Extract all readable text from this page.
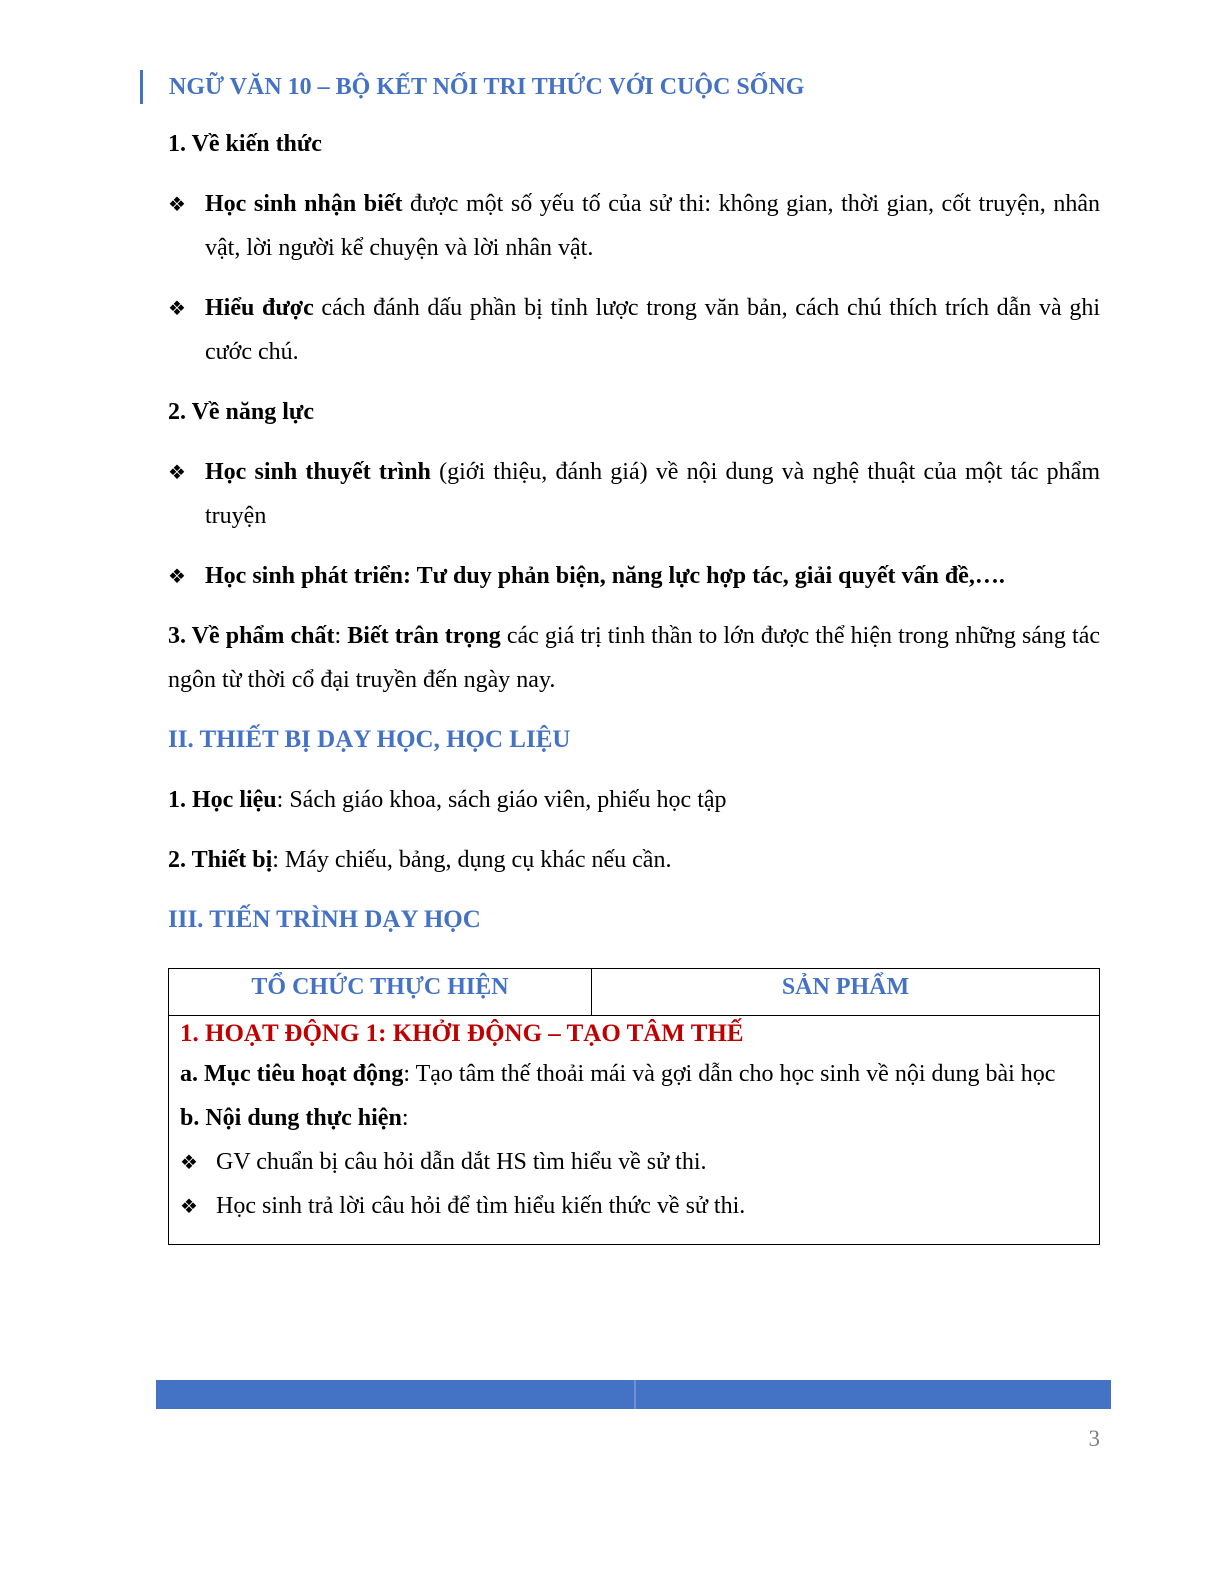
NGỮ VĂN 10 – BỘ KẾT NỐI TRI THỨC VỚI CUỘC SỐNG
1. Về kiến thức
❖ Học sinh nhận biết được một số yếu tố của sử thi: không gian, thời gian, cốt truyện, nhân vật, lời người kể chuyện và lời nhân vật.
❖ Hiểu được cách đánh dấu phần bị tỉnh lược trong văn bản, cách chú thích trích dẫn và ghi cước chú.
2. Về năng lực
❖ Học sinh thuyết trình (giới thiệu, đánh giá) về nội dung và nghệ thuật của một tác phẩm truyện
❖ Học sinh phát triển: Tư duy phản biện, năng lực hợp tác, giải quyết vấn đề,….
3. Về phẩm chất: Biết trân trọng các giá trị tinh thần to lớn được thể hiện trong những sáng tác ngôn từ thời cổ đại truyền đến ngày nay.
II. THIẾT BỊ DẠY HỌC, HỌC LIỆU
1. Học liệu: Sách giáo khoa, sách giáo viên, phiếu học tập
2. Thiết bị: Máy chiếu, bảng, dụng cụ khác nếu cần.
III. TIẾN TRÌNH DẠY HỌC
TỔ CHỨC THỰC HIỆN	SẢN PHẨM

1. HOẠT ĐỘNG 1: KHỞI ĐỘNG – TẠO TÂM THẾ
a. Mục tiêu hoạt động: Tạo tâm thế thoải mái và gợi dẫn cho học sinh về nội dung bài học
b. Nội dung thực hiện:
❖ GV chuẩn bị câu hỏi dẫn dắt HS tìm hiểu về sử thi.
❖ Học sinh trả lời câu hỏi để tìm hiểu kiến thức về sử thi.
3
